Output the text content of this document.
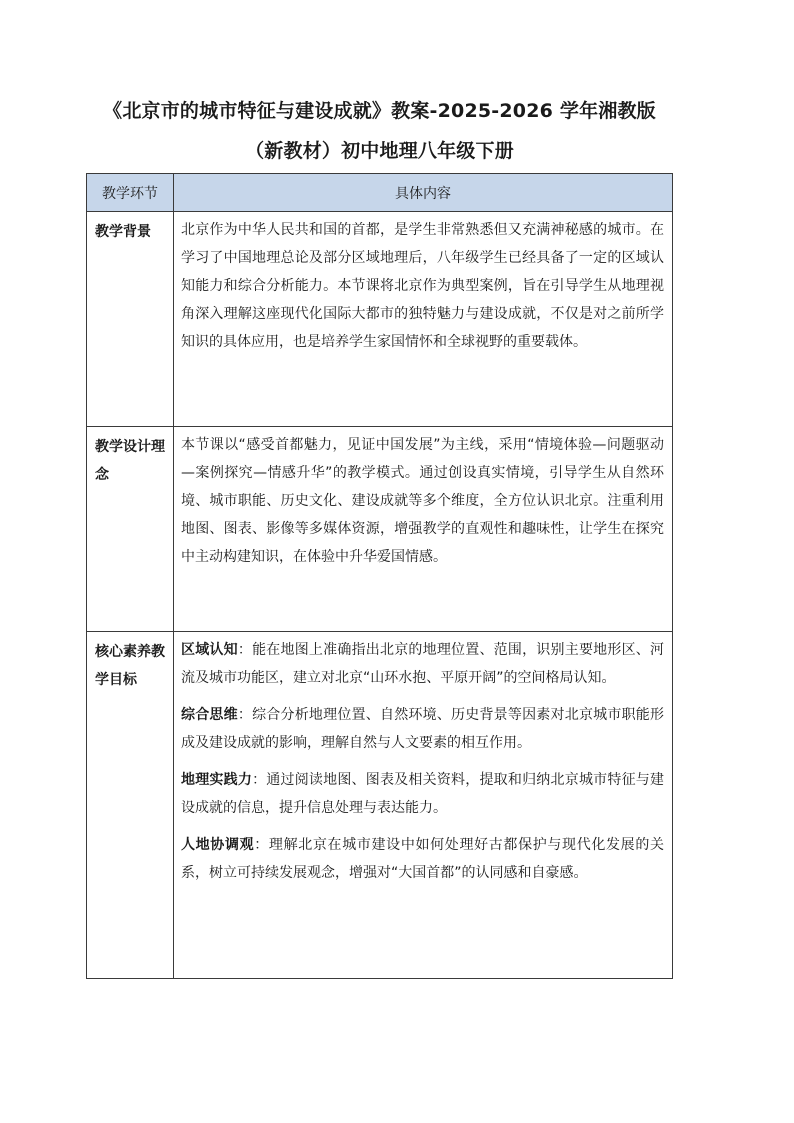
《北京市的城市特征与建设成就》教案-2025-2026 学年湘教版

（新教材）初中地理八年级下册

教学环节	具体内容
教学背景	北京作为中华人民共和国的首都，是学生非常熟悉但又充满神秘感的城市。在学习了中国地理总论及部分区域地理后，八年级学生已经具备了一定的区域认知能力和综合分析能力。本节课将北京作为典型案例，旨在引导学生从地理视角深入理解这座现代化国际大都市的独特魅力与建设成就，不仅是对之前所学知识的具体应用，也是培养学生家国情怀和全球视野的重要载体。

教学设计理念	本节课以“感受首都魅力，见证中国发展”为主线，采用“情境体验—问题驱动—案例探究—情感升华”的教学模式。通过创设真实情境，引导学生从自然环境、城市职能、历史文化、建设成就等多个维度，全方位认识北京。注重利用地图、图表、影像等多媒体资源，增强教学的直观性和趣味性，让学生在探究中主动构建知识，在体验中升华爱国情感。

核心素养教学目标	区域认知：能在地图上准确指出北京的地理位置、范围，识别主要地形区、河流及城市功能区，建立对北京“山环水抱、平原开阔”的空间格局认知。

综合思维：综合分析地理位置、自然环境、历史背景等因素对北京城市职能形成及建设成就的影响，理解自然与人文要素的相互作用。

地理实践力：通过阅读地图、图表及相关资料，提取和归纳北京城市特征与建设成就的信息，提升信息处理与表达能力。

人地协调观：理解北京在城市建设中如何处理好古都保护与现代化发展的关系，树立可持续发展观念，增强对“大国首都”的认同感和自豪感。
